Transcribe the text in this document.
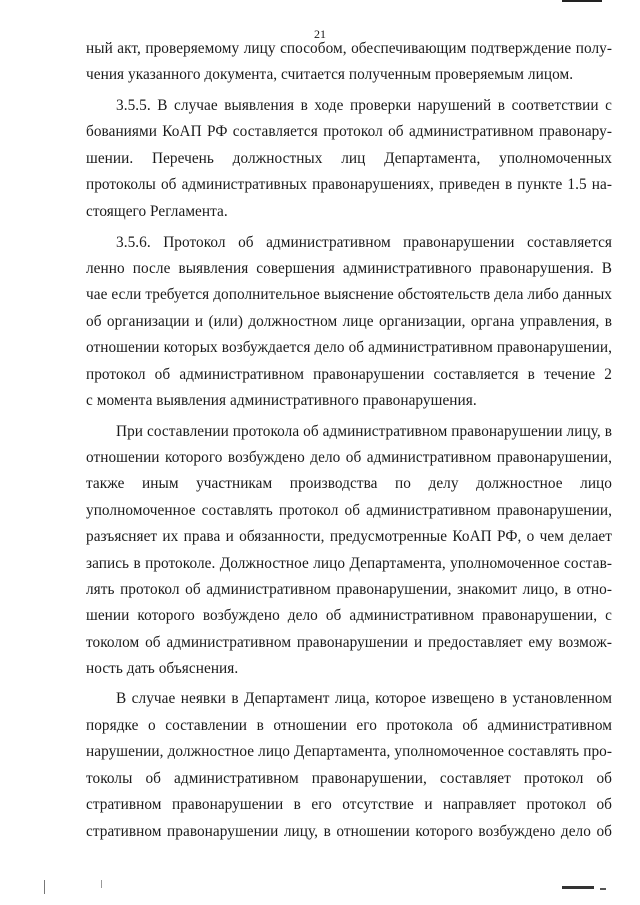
21
ный акт, проверяемому лицу способом, обеспечивающим подтверждение полу-
чения указанного документа, считается полученным проверяемым лицом.
3.5.5. В случае выявления в ходе проверки нарушений в соответствии с
бованиями КоАП РФ составляется протокол об административном правонару-
шении. Перечень должностных лиц Департамента, уполномоченных
протоколы об административных правонарушениях, приведен в пункте 1.5 на-
стоящего Регламента.
3.5.6. Протокол об административном правонарушении составляется
ленно после выявления совершения административного правонарушения. В
чае если требуется дополнительное выяснение обстоятельств дела либо данных
об организации и (или) должностном лице организации, органа управления, в
отношении которых возбуждается дело об административном правонарушении,
протокол об административном правонарушении составляется в течение 2
с момента выявления административного правонарушения.
При составлении протокола об административном правонарушении лицу, в
отношении которого возбуждено дело об административном правонарушении,
также иным участникам производства по делу должностное лицо
уполномоченное составлять протокол об административном правонарушении,
разъясняет их права и обязанности, предусмотренные КоАП РФ, о чем делает
запись в протоколе. Должностное лицо Департамента, уполномоченное состав-
лять протокол об административном правонарушении, знакомит лицо, в отно-
шении которого возбуждено дело об административном правонарушении, с
токолом об административном правонарушении и предоставляет ему возмож-
ность дать объяснения.
В случае неявки в Департамент лица, которое извещено в установленном
порядке о составлении в отношении его протокола об административном
нарушении, должностное лицо Департамента, уполномоченное составлять про-
токолы об административном правонарушении, составляет протокол об
стративном правонарушении в его отсутствие и направляет протокол об
стративном правонарушении лицу, в отношении которого возбуждено дело об
